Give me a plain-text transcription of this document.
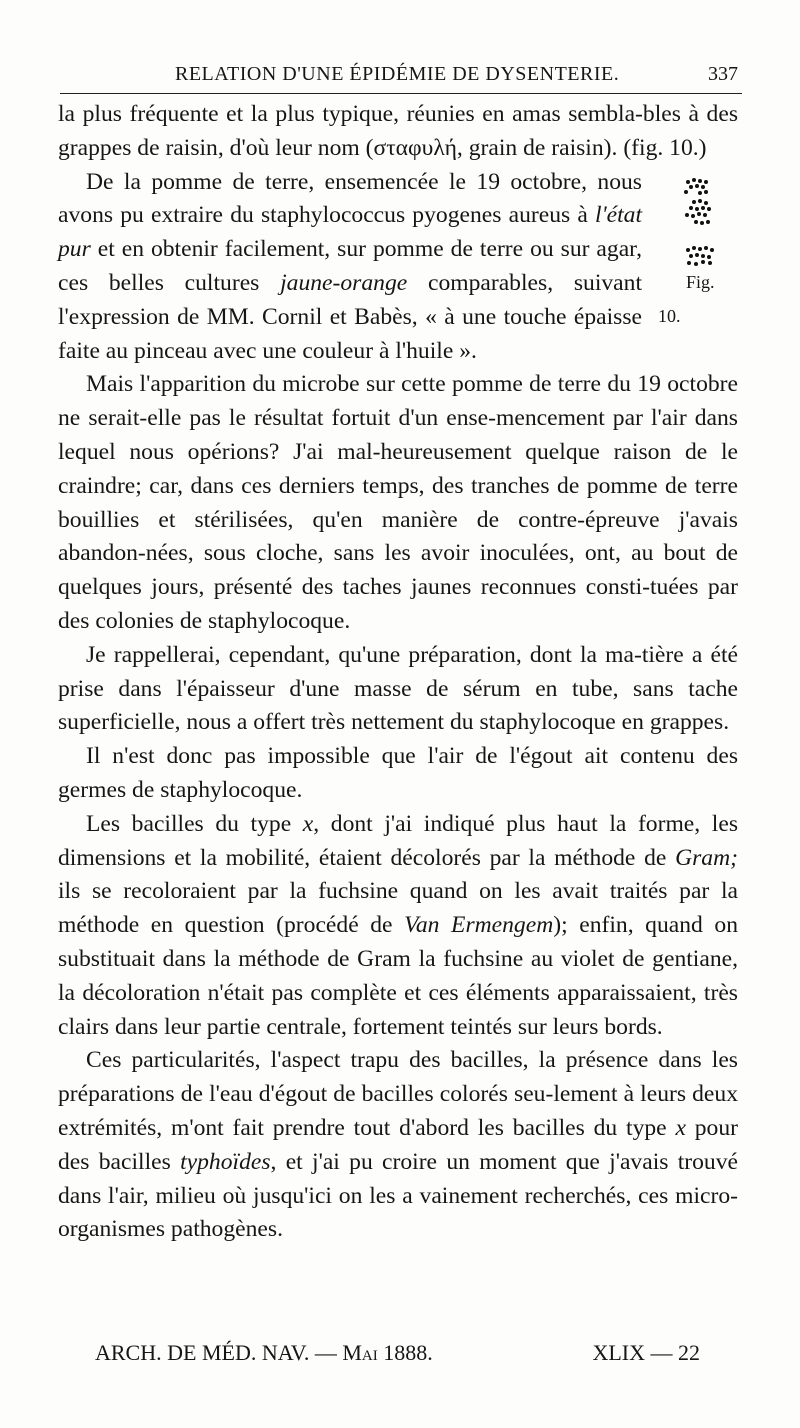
RELATION D'UNE ÉPIDÉMIE DE DYSENTERIE.	337

la plus fréquente et la plus typique, réunies en amas sembla-bles à des grappes de raisin, d'où leur nom (σταφυλή, grain de raisin). (fig. 10.)

Fig. 10.
De la pomme de terre, ensemencée le 19 octobre, nous avons pu extraire du staphylococcus pyogenes aureus à l'état pur et en obtenir facilement, sur pomme de terre ou sur agar, ces belles cultures jaune-orange comparables, suivant l'expression de MM. Cornil et Babès, « à une touche épaisse faite au pinceau avec une couleur à l'huile ».

Mais l'apparition du microbe sur cette pomme de terre du 19 octobre ne serait-elle pas le résultat fortuit d'un ense-mencement par l'air dans lequel nous opérions? J'ai mal-heureusement quelque raison de le craindre; car, dans ces derniers temps, des tranches de pomme de terre bouillies et stérilisées, qu'en manière de contre-épreuve j'avais abandon-nées, sous cloche, sans les avoir inoculées, ont, au bout de quelques jours, présenté des taches jaunes reconnues consti-tuées par des colonies de staphylocoque.

Je rappellerai, cependant, qu'une préparation, dont la ma-tière a été prise dans l'épaisseur d'une masse de sérum en tube, sans tache superficielle, nous a offert très nettement du staphylocoque en grappes.

Il n'est donc pas impossible que l'air de l'égout ait contenu des germes de staphylocoque.

Les bacilles du type x, dont j'ai indiqué plus haut la forme, les dimensions et la mobilité, étaient décolorés par la méthode de Gram; ils se recoloraient par la fuchsine quand on les avait traités par la méthode en question (procédé de Van Ermengem); enfin, quand on substituait dans la méthode de Gram la fuchsine au violet de gentiane, la décoloration n'était pas complète et ces éléments apparaissaient, très clairs dans leur partie centrale, fortement teintés sur leurs bords.

Ces particularités, l'aspect trapu des bacilles, la présence dans les préparations de l'eau d'égout de bacilles colorés seu-lement à leurs deux extrémités, m'ont fait prendre tout d'abord les bacilles du type x pour des bacilles typhoïdes, et j'ai pu croire un moment que j'avais trouvé dans l'air, milieu où jusqu'ici on les a vainement recherchés, ces micro-organismes pathogènes.

ARCH. DE MÉD. NAV. — Mai 1888.	XLIX — 22
